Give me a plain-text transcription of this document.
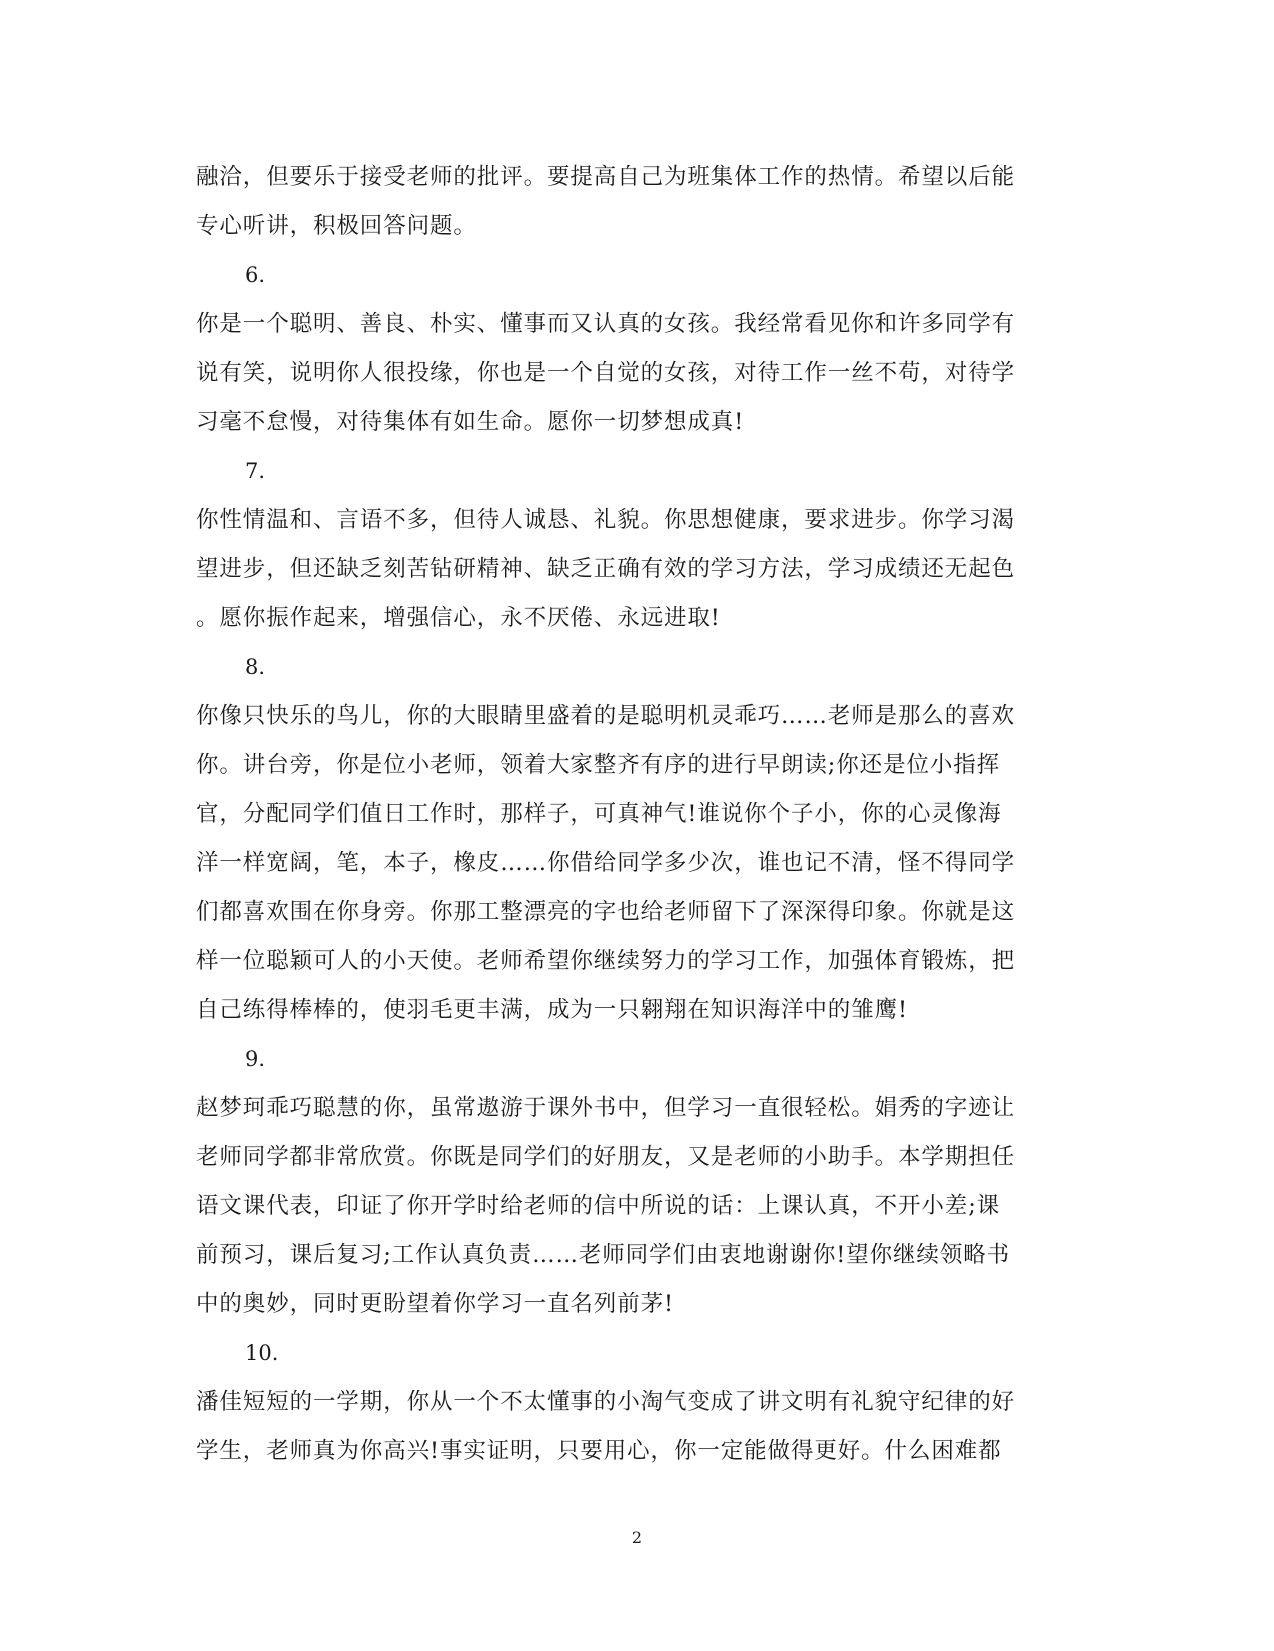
融洽，但要乐于接受老师的批评。要提高自己为班集体工作的热情。希望以后能
专心听讲，积极回答问题。
6.
你是一个聪明、善良、朴实、懂事而又认真的女孩。我经常看见你和许多同学有
说有笑，说明你人很投缘，你也是一个自觉的女孩，对待工作一丝不苟，对待学
习毫不怠慢，对待集体有如生命。愿你一切梦想成真!
7.
你性情温和、言语不多，但待人诚恳、礼貌。你思想健康，要求进步。你学习渴
望进步，但还缺乏刻苦钻研精神、缺乏正确有效的学习方法，学习成绩还无起色
。愿你振作起来，增强信心，永不厌倦、永远进取!
8.
你像只快乐的鸟儿，你的大眼睛里盛着的是聪明机灵乖巧……老师是那么的喜欢
你。讲台旁，你是位小老师，领着大家整齐有序的进行早朗读;你还是位小指挥
官，分配同学们值日工作时，那样子，可真神气!谁说你个子小，你的心灵像海
洋一样宽阔，笔，本子，橡皮……你借给同学多少次，谁也记不清，怪不得同学
们都喜欢围在你身旁。你那工整漂亮的字也给老师留下了深深得印象。你就是这
样一位聪颖可人的小天使。老师希望你继续努力的学习工作，加强体育锻炼，把
自己练得棒棒的，使羽毛更丰满，成为一只翱翔在知识海洋中的雏鹰!
9.
赵梦珂乖巧聪慧的你，虽常遨游于课外书中，但学习一直很轻松。娟秀的字迹让
老师同学都非常欣赏。你既是同学们的好朋友，又是老师的小助手。本学期担任
语文课代表，印证了你开学时给老师的信中所说的话：上课认真，不开小差;课
前预习，课后复习;工作认真负责……老师同学们由衷地谢谢你!望你继续领略书
中的奥妙，同时更盼望着你学习一直名列前茅!
10.
潘佳短短的一学期，你从一个不太懂事的小淘气变成了讲文明有礼貌守纪律的好
学生，老师真为你高兴!事实证明，只要用心，你一定能做得更好。什么困难都
2
